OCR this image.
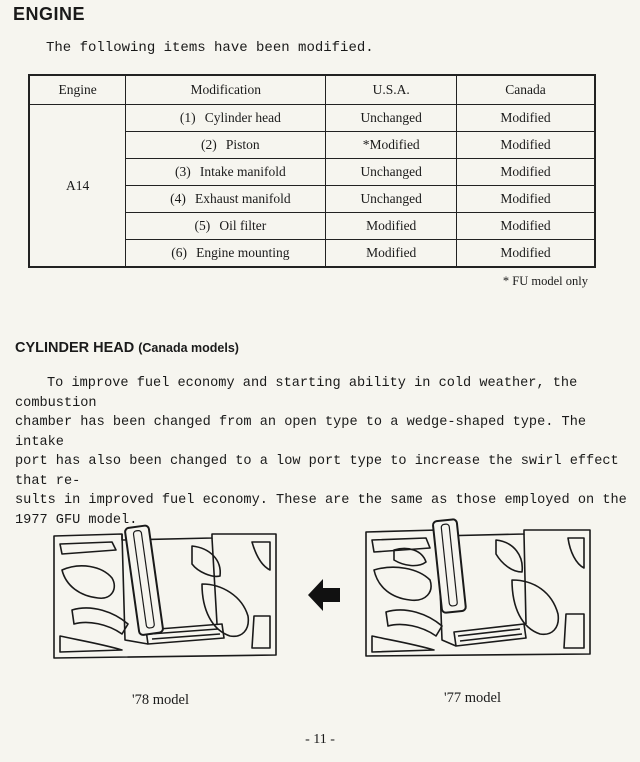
ENGINE
The following items have been modified.
Engine	Modification	U.S.A.	Canada
A14	(1) Cylinder head	Unchanged	Modified
	(2) Piston	*Modified	Modified
	(3) Intake manifold	Unchanged	Modified
	(4) Exhaust manifold	Unchanged	Modified
	(5) Oil filter	Modified	Modified
	(6) Engine mounting	Modified	Modified
* FU model only
CYLINDER HEAD (Canada models)

To improve fuel economy and starting ability in cold weather, the combustion

chamber has been changed from an open type to a wedge-shaped type. The intake

port has also been changed to a low port type to increase the swirl effect that re-

sults in improved fuel economy. These are the same as those employed on the

1977 GFU model.

'78 model	'77 model
- 11 -
